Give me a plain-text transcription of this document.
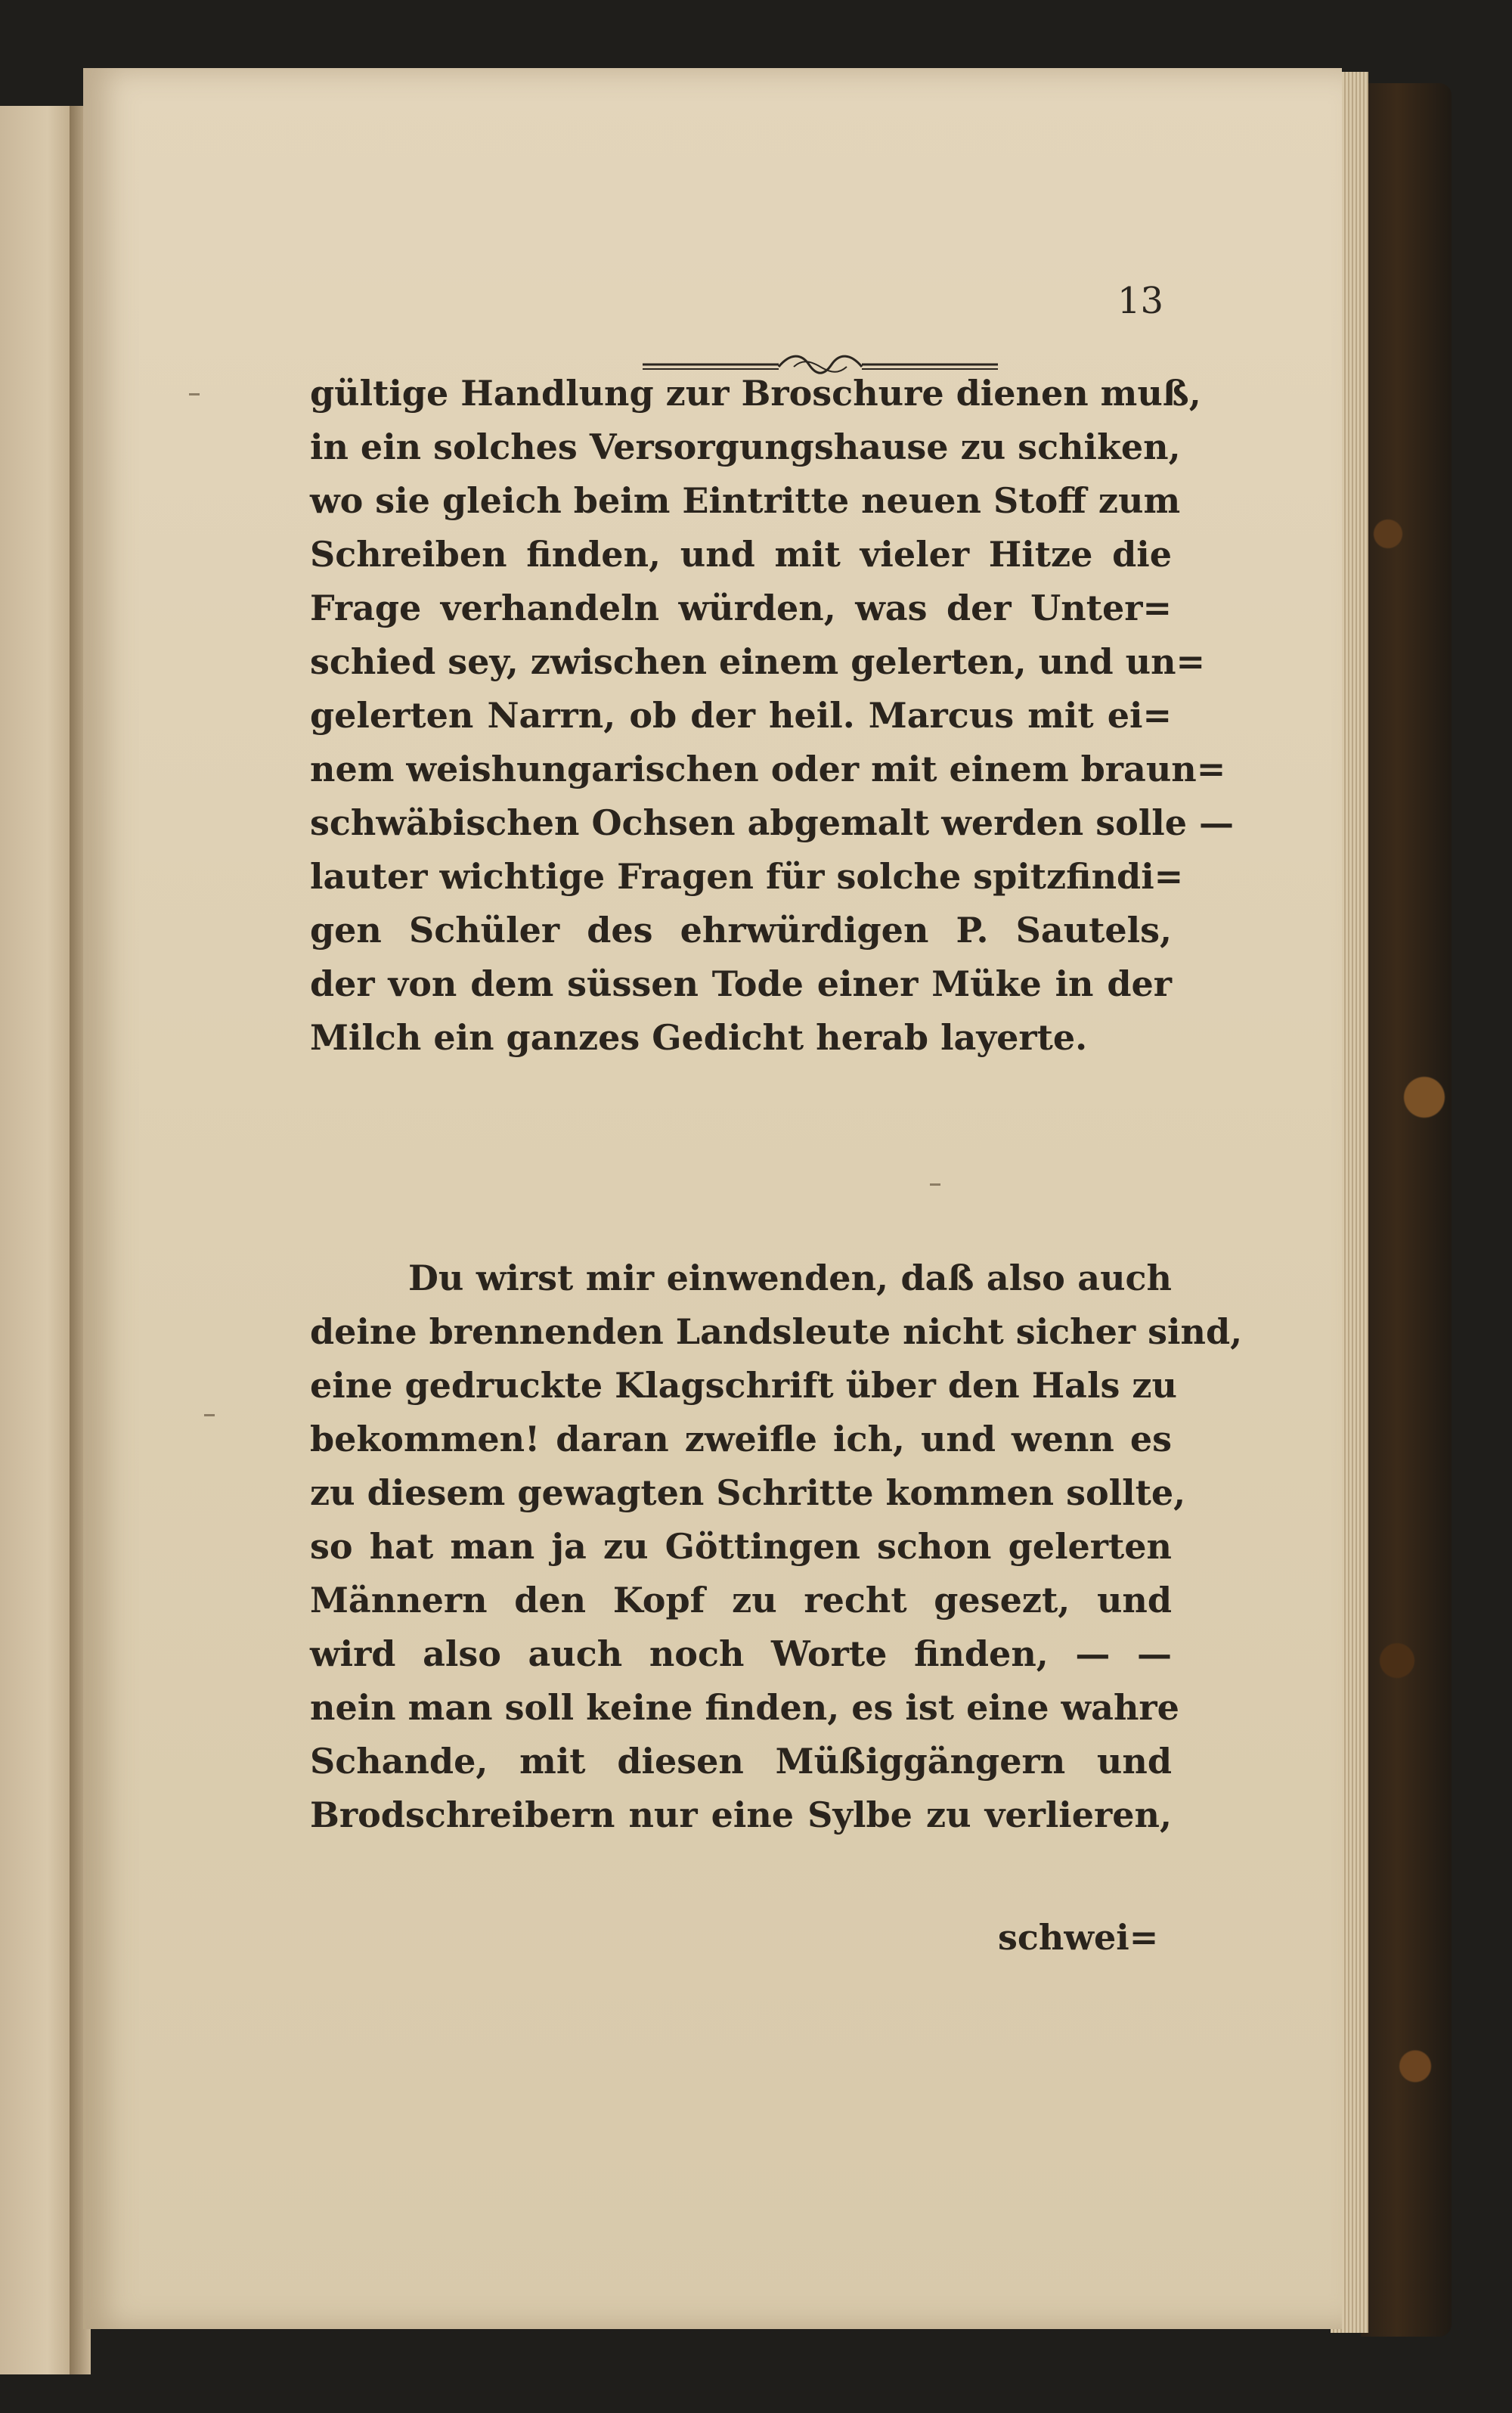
13
gültige Handlung zur Broschure dienen muß,
in ein solches Versorgungshause zu schiken,
wo sie gleich beim Eintritte neuen Stoff zum
Schreiben finden, und mit vieler Hitze die
Frage verhandeln würden, was der Unter=
schied sey, zwischen einem gelerten, und un=
gelerten Narrn, ob der heil. Marcus mit ei=
nem weishungarischen oder mit einem braun=
schwäbischen Ochsen abgemalt werden solle —
lauter wichtige Fragen für solche spitzfindi=
gen Schüler des ehrwürdigen P. Sautels,
der von dem süssen Tode einer Müke in der
Milch ein ganzes Gedicht herab layerte.
Du wirst mir einwenden, daß also auch
deine brennenden Landsleute nicht sicher sind,
eine gedruckte Klagschrift über den Hals zu
bekommen! daran zweifle ich, und wenn es
zu diesem gewagten Schritte kommen sollte,
so hat man ja zu Göttingen schon gelerten
Männern den Kopf zu recht gesezt, und
wird also auch noch Worte finden, — —
nein man soll keine finden, es ist eine wahre
Schande, mit diesen Müßiggängern und
Brodschreibern nur eine Sylbe zu verlieren,
schwei=
